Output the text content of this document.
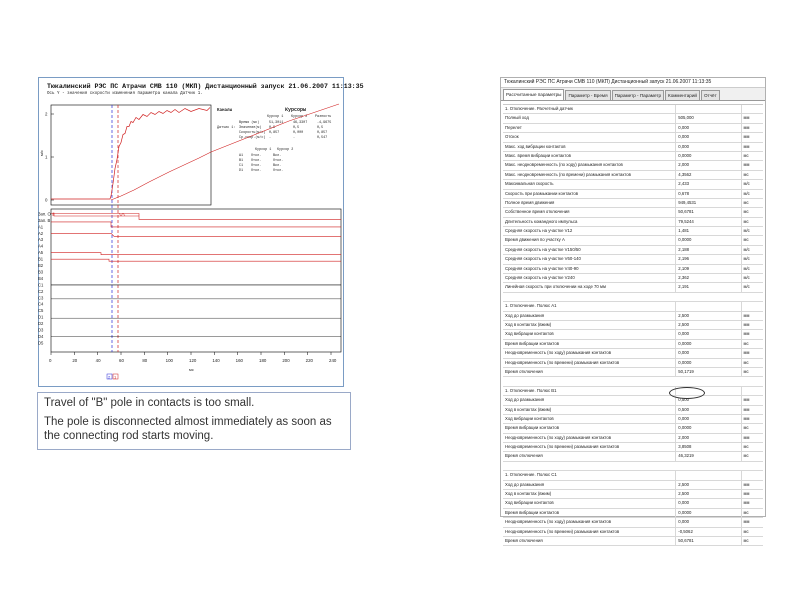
Тюкалинский РЭС ПС Атрачи СМВ 110 (МКП) Дистанционный запуск 21.06.2007 11:13:35
Ось Y - значения скорости изменения параметра канала Датчик 1.
м/с
2
1
0
0	20	40	60	80	100	120	140	160	180	200	220	240
мс
2 1
Зап. О
Зап. В
A1
A2
A3
A4
A5
B1
B2
B3
B4
C1
C2
C3
C4
C5
D1
D2
D3
D4
D5
Каналы	Курсоры
Курсор 1 Курсор 2 Разность
Датчик 1:
Время (мс)	51,3011	46,3307	-4,9675
Значение(м) 0,5	0,5	0,5
Скорость(м/с) 0,857	0,000	0,857
Ср.скор.(м/с) -	-	0,547
Курсор 1 Курсор 2
A1 Откл.	Вкл.
B1 Откл.	Откл.
C1 Откл.	Вкл.
D1 Откл.	Откл.

Travel of "B" pole in contacts is too small.

The pole is disconnected almost immediately as soon as the connecting rod starts moving.

Тюкалинский РЭС ПС Атрачи СМВ 110 (МКП) Дистанционный запуск 21.06.2007 11:13:35
Рассчитанные параметры	Параметр - Время	Параметр - Параметр	Комментарий	Отчёт
1. Отключение. Расчетный датчик
Полный ход	505,000	мм
Перелет	0,000	мм
Отскок	0,000	мм
Макс. ход вибрации контактов	0,000	мм
Макс. время вибрации контактов	0,0000	мс
Макс. неодновременность (по ходу) размыкания контактов	2,000	мм
Макс. неодновременность (по времени) размыкания контактов	4,3562	мс
Максимальная скорость	2,433	м/с
Скорость при размыкании контактов	0,678	м/с
Полное время движения	949,4531	мс
Собственное время отключения	50,6781	мс
Длительность командного импульса	79,5244	мс
Средняя скорость на участке V12	1,481	м/с
Время движения по участку А	0,0000	мс
Средняя скорость на участке V150/50	2,188	м/с
Средняя скорость на участке V60-140	2,196	м/с
Средняя скорость на участке V40-90	2,109	м/с
Средняя скорость на участке V240	2,362	м/с
Линейная скорость при отключении на ходе 70 мм	2,191	м/с
1. Отключение. Полюс A1
Ход до размыкания	2,500	мм
Ход в контактах (вжим)	2,500	мм
Ход вибрации контактов	0,000	мм
Время вибрации контактов	0,0000	мс
Неодновременность (по ходу) размыкания контактов	0,000	мм
Неодновременность (по времени) размыкания контактов	0,0000	мс
Время отключения	50,1719	мс
1. Отключение. Полюс B1
Ход до размыкания	0,500	мм
Ход в контактах (вжим)	0,500	мм
Ход вибрации контактов	0,000	мм
Время вибрации контактов	0,0000	мс
Неодновременность (по ходу) размыкания контактов	2,000	мм
Неодновременность (по времени) размыкания контактов	3,8508	мс
Время отключения	46,3219	мс
1. Отключение. Полюс C1
Ход до размыкания	2,500	мм
Ход в контактах (вжим)	2,500	мм
Ход вибрации контактов	0,000	мм
Время вибрации контактов	0,0000	мс
Неодновременность (по ходу) размыкания контактов	0,000	мм
Неодновременность (по времени) размыкания контактов	-0,5062	мс
Время отключения	50,6781	мс
